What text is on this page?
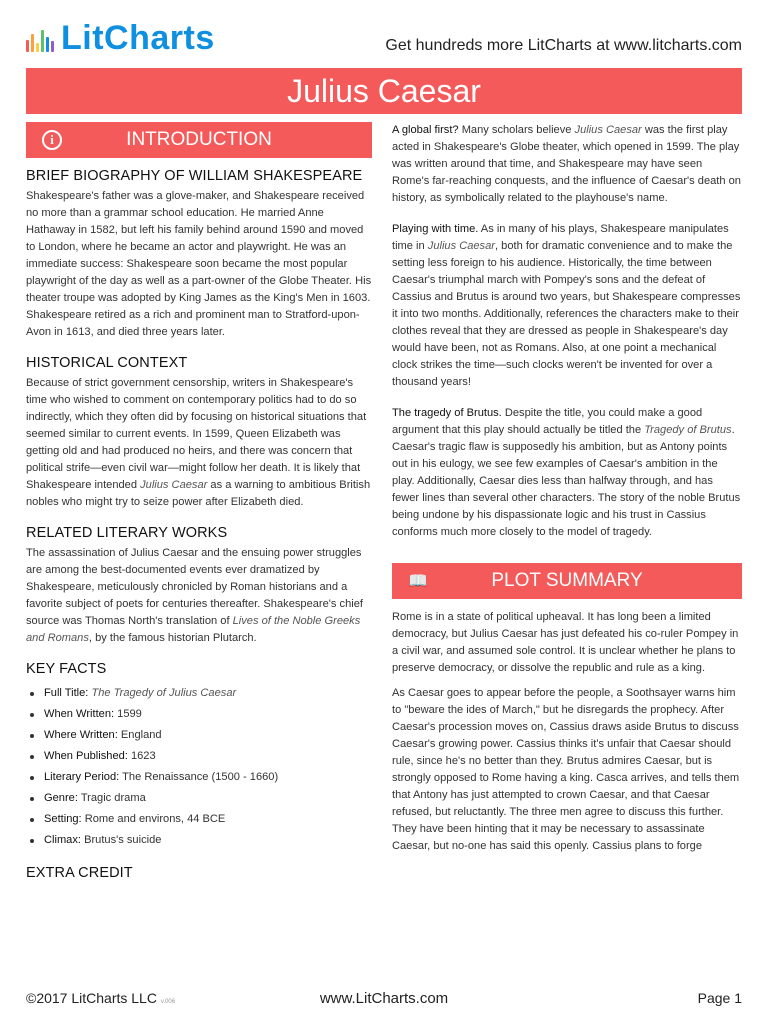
LitCharts	Get hundreds more LitCharts at www.litcharts.com
Julius Caesar
i	INTRODUCTION
BRIEF BIOGRAPHY OF WILLIAM SHAKESPEARE

Shakespeare's father was a glove-maker, and Shakespeare received no more than a grammar school education. He married Anne Hathaway in 1582, but left his family behind around 1590 and moved to London, where he became an actor and playwright. He was an immediate success: Shakespeare soon became the most popular playwright of the day as well as a part-owner of the Globe Theater. His theater troupe was adopted by King James as the King's Men in 1603. Shakespeare retired as a rich and prominent man to Stratford-upon-Avon in 1613, and died three years later.

HISTORICAL CONTEXT

Because of strict government censorship, writers in Shakespeare's time who wished to comment on contemporary politics had to do so indirectly, which they often did by focusing on historical situations that seemed similar to current events. In 1599, Queen Elizabeth was getting old and had produced no heirs, and there was concern that political strife—even civil war—might follow her death. It is likely that Shakespeare intended Julius Caesar as a warning to ambitious British nobles who might try to seize power after Elizabeth died.

RELATED LITERARY WORKS

The assassination of Julius Caesar and the ensuing power struggles are among the best-documented events ever dramatized by Shakespeare, meticulously chronicled by Roman historians and a favorite subject of poets for centuries thereafter. Shakespeare's chief source was Thomas North's translation of Lives of the Noble Greeks and Romans, by the famous historian Plutarch.

KEY FACTS
Full Title: The Tragedy of Julius Caesar
When Written: 1599
Where Written: England
When Published: 1623
Literary Period: The Renaissance (1500 - 1660)
Genre: Tragic drama
Setting: Rome and environs, 44 BCE
Climax: Brutus's suicide
EXTRA CREDIT

A global first? Many scholars believe Julius Caesar was the first play acted in Shakespeare's Globe theater, which opened in 1599. The play was written around that time, and Shakespeare may have seen Rome's far-reaching conquests, and the influence of Caesar's death on history, as symbolically related to the playhouse's name.

Playing with time. As in many of his plays, Shakespeare manipulates time in Julius Caesar, both for dramatic convenience and to make the setting less foreign to his audience. Historically, the time between Caesar's triumphal march with Pompey's sons and the defeat of Cassius and Brutus is around two years, but Shakespeare compresses it into two months. Additionally, references the characters make to their clothes reveal that they are dressed as people in Shakespeare's day would have been, not as Romans. Also, at one point a mechanical clock strikes the time—such clocks weren't be invented for over a thousand years!

The tragedy of Brutus. Despite the title, you could make a good argument that this play should actually be titled the Tragedy of Brutus. Caesar's tragic flaw is supposedly his ambition, but as Antony points out in his eulogy, we see few examples of Caesar's ambition in the play. Additionally, Caesar dies less than halfway through, and has fewer lines than several other characters. The story of the noble Brutus being undone by his dispassionate logic and his trust in Cassius conforms much more closely to the model of tragedy.

📖	PLOT SUMMARY

Rome is in a state of political upheaval. It has long been a limited democracy, but Julius Caesar has just defeated his co-ruler Pompey in a civil war, and assumed sole control. It is unclear whether he plans to preserve democracy, or dissolve the republic and rule as a king.

As Caesar goes to appear before the people, a Soothsayer warns him to "beware the ides of March," but he disregards the prophecy. After Caesar's procession moves on, Cassius draws aside Brutus to discuss Caesar's growing power. Cassius thinks it's unfair that Caesar should rule, since he's no better than they. Brutus admires Caesar, but is strongly opposed to Rome having a king. Casca arrives, and tells them that Antony has just attempted to crown Caesar, and that Caesar refused, but reluctantly. The three men agree to discuss this further. They have been hinting that it may be necessary to assassinate Caesar, but no-one has said this openly. Cassius plans to forge

©2017 LitCharts LLC v.006	www.LitCharts.com	Page 1
